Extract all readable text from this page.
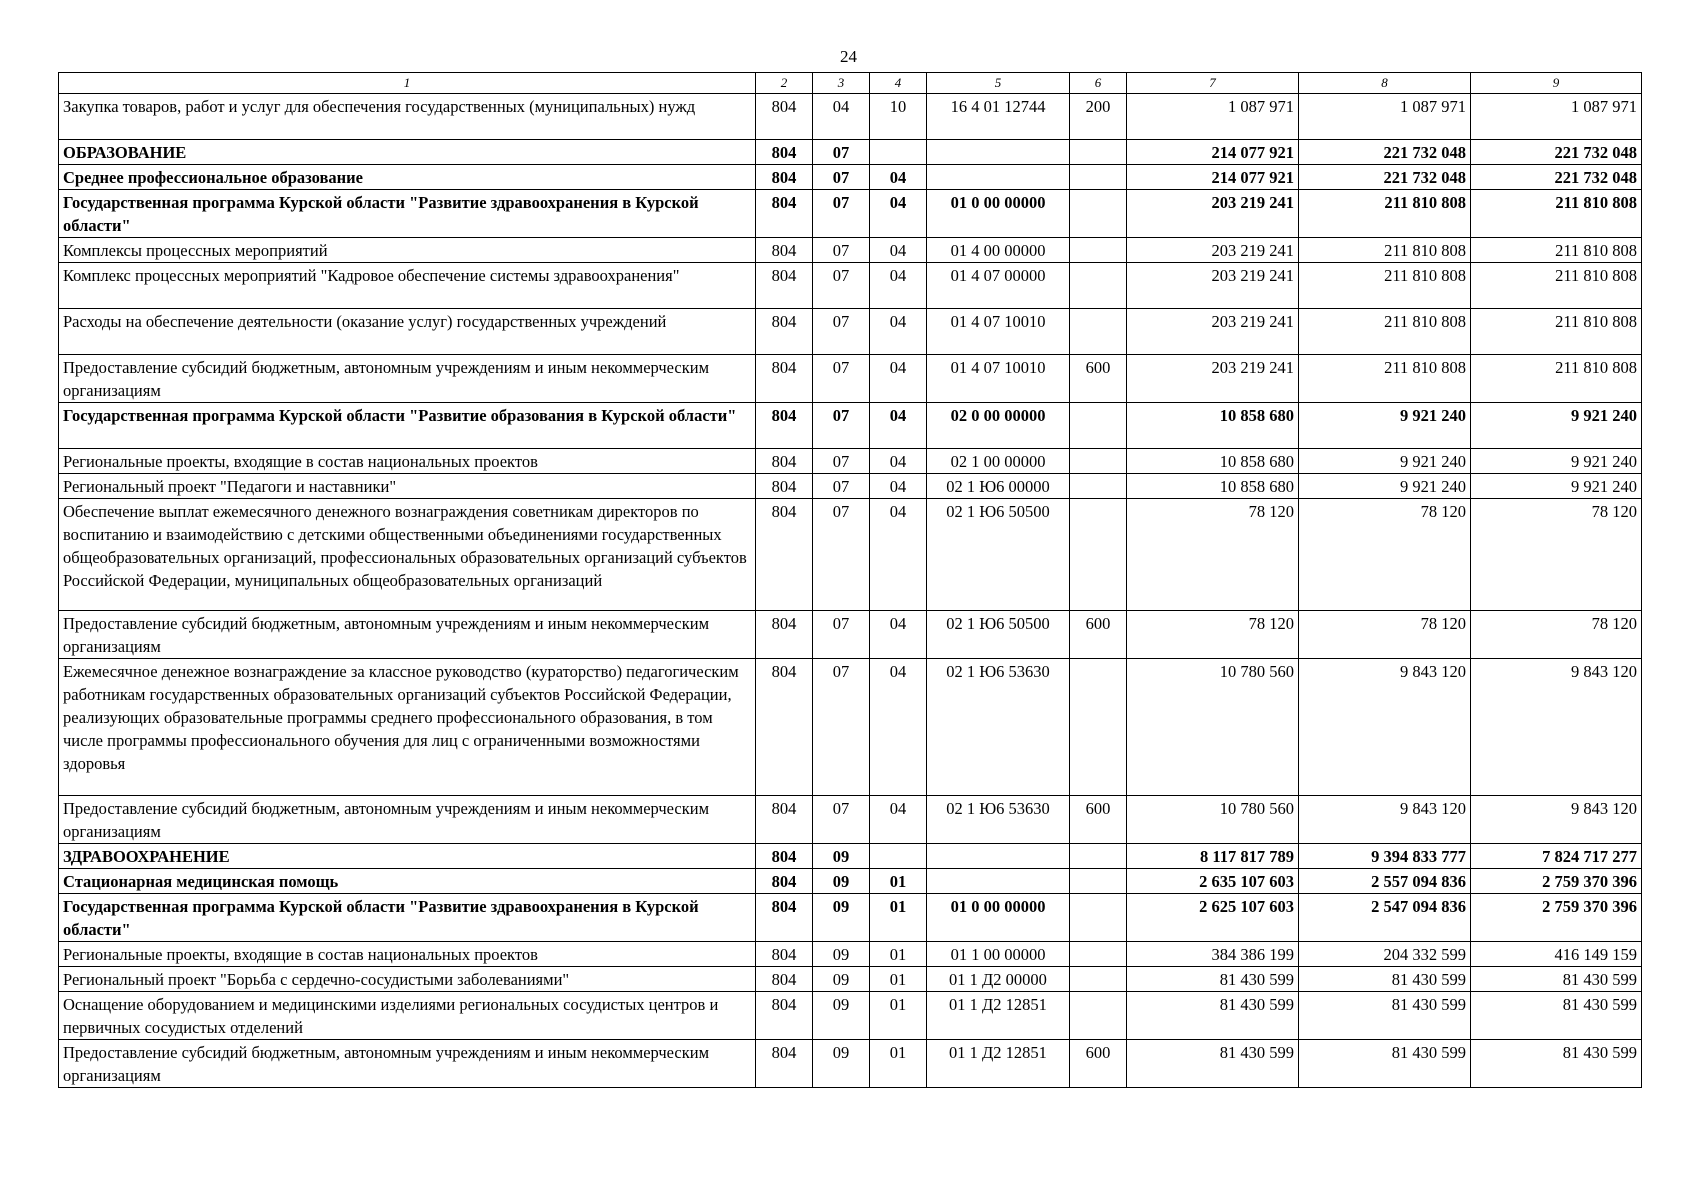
24
1	2	3	4	5	6	7	8	9
Закупка товаров, работ и услуг для обеспечения государственных (муниципальных) нужд	804	04	10	16 4 01 12744	200	1 087 971	1 087 971	1 087 971
ОБРАЗОВАНИЕ	804	07				214 077 921	221 732 048	221 732 048
Среднее профессиональное образование	804	07	04			214 077 921	221 732 048	221 732 048
Государственная программа Курской области "Развитие здравоохранения в Курской области"	804	07	04	01 0 00 00000		203 219 241	211 810 808	211 810 808
Комплексы процессных мероприятий	804	07	04	01 4 00 00000		203 219 241	211 810 808	211 810 808
Комплекс процессных мероприятий "Кадровое обеспечение системы здравоохранения"	804	07	04	01 4 07 00000		203 219 241	211 810 808	211 810 808
Расходы на обеспечение деятельности (оказание услуг) государственных учреждений	804	07	04	01 4 07 10010		203 219 241	211 810 808	211 810 808
Предоставление субсидий бюджетным, автономным учреждениям и иным некоммерческим организациям	804	07	04	01 4 07 10010	600	203 219 241	211 810 808	211 810 808
Государственная программа Курской области "Развитие образования в Курской области"	804	07	04	02 0 00 00000		10 858 680	9 921 240	9 921 240
Региональные проекты, входящие в состав национальных проектов	804	07	04	02 1 00 00000		10 858 680	9 921 240	9 921 240
Региональный проект "Педагоги и наставники"	804	07	04	02 1 Ю6 00000		10 858 680	9 921 240	9 921 240
Обеспечение выплат ежемесячного денежного вознаграждения советникам директоров по воспитанию и взаимодействию с детскими общественными объединениями государственных общеобразовательных организаций, профессиональных образовательных организаций субъектов Российской Федерации, муниципальных общеобразовательных организаций	804	07	04	02 1 Ю6 50500		78 120	78 120	78 120
Предоставление субсидий бюджетным, автономным учреждениям и иным некоммерческим организациям	804	07	04	02 1 Ю6 50500	600	78 120	78 120	78 120
Ежемесячное денежное вознаграждение за классное руководство (кураторство) педагогическим работникам государственных образовательных организаций субъектов Российской Федерации, реализующих образовательные программы среднего профессионального образования, в том числе программы профессионального обучения для лиц с ограниченными возможностями здоровья	804	07	04	02 1 Ю6 53630		10 780 560	9 843 120	9 843 120
Предоставление субсидий бюджетным, автономным учреждениям и иным некоммерческим организациям	804	07	04	02 1 Ю6 53630	600	10 780 560	9 843 120	9 843 120
ЗДРАВООХРАНЕНИЕ	804	09				8 117 817 789	9 394 833 777	7 824 717 277
Стационарная медицинская помощь	804	09	01			2 635 107 603	2 557 094 836	2 759 370 396
Государственная программа Курской области "Развитие здравоохранения в Курской области"	804	09	01	01 0 00 00000		2 625 107 603	2 547 094 836	2 759 370 396
Региональные проекты, входящие в состав национальных проектов	804	09	01	01 1 00 00000		384 386 199	204 332 599	416 149 159
Региональный проект "Борьба с сердечно-сосудистыми заболеваниями"	804	09	01	01 1 Д2 00000		81 430 599	81 430 599	81 430 599
Оснащение оборудованием и медицинскими изделиями региональных сосудистых центров и первичных сосудистых отделений	804	09	01	01 1 Д2 12851		81 430 599	81 430 599	81 430 599
Предоставление субсидий бюджетным, автономным учреждениям и иным некоммерческим организациям	804	09	01	01 1 Д2 12851	600	81 430 599	81 430 599	81 430 599
